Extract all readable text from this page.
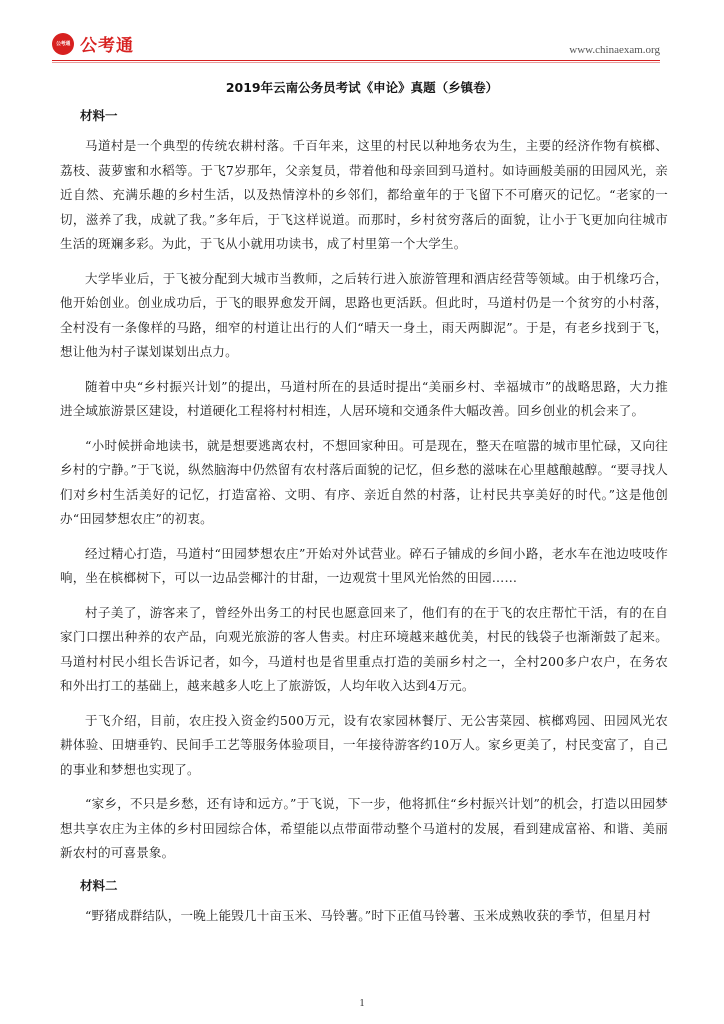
公考通 公考通	www.chinaexam.org
2019年云南公务员考试《申论》真题（乡镇卷）
材料一

马道村是一个典型的传统农耕村落。千百年来，这里的村民以种地务农为生，主要的经济作物有槟榔、荔枝、菠萝蜜和水稻等。于飞7岁那年，父亲复员，带着他和母亲回到马道村。如诗画般美丽的田园风光，亲近自然、充满乐趣的乡村生活，以及热情淳朴的乡邻们，都给童年的于飞留下不可磨灭的记忆。“老家的一切，滋养了我，成就了我。”多年后，于飞这样说道。而那时，乡村贫穷落后的面貌，让小于飞更加向往城市生活的斑斓多彩。为此，于飞从小就用功读书，成了村里第一个大学生。

大学毕业后，于飞被分配到大城市当教师，之后转行进入旅游管理和酒店经营等领域。由于机缘巧合，他开始创业。创业成功后，于飞的眼界愈发开阔，思路也更活跃。但此时，马道村仍是一个贫穷的小村落，全村没有一条像样的马路，细窄的村道让出行的人们“晴天一身土，雨天两脚泥”。于是，有老乡找到于飞，想让他为村子谋划谋划出点力。

随着中央“乡村振兴计划”的提出，马道村所在的县适时提出“美丽乡村、幸福城市”的战略思路，大力推进全域旅游景区建设，村道硬化工程将村村相连，人居环境和交通条件大幅改善。回乡创业的机会来了。

“小时候拼命地读书，就是想要逃离农村，不想回家种田。可是现在，整天在喧嚣的城市里忙碌，又向往乡村的宁静。”于飞说，纵然脑海中仍然留有农村落后面貌的记忆，但乡愁的滋味在心里越酿越醇。“要寻找人们对乡村生活美好的记忆，打造富裕、文明、有序、亲近自然的村落，让村民共享美好的时代。”这是他创办“田园梦想农庄”的初衷。

经过精心打造，马道村“田园梦想农庄”开始对外试营业。碎石子铺成的乡间小路，老水车在池边吱吱作响，坐在槟榔树下，可以一边品尝椰汁的甘甜，一边观赏十里风光怡然的田园……

村子美了，游客来了，曾经外出务工的村民也愿意回来了，他们有的在于飞的农庄帮忙干活，有的在自家门口摆出种养的农产品，向观光旅游的客人售卖。村庄环境越来越优美，村民的钱袋子也渐渐鼓了起来。马道村村民小组长告诉记者，如今，马道村也是省里重点打造的美丽乡村之一，全村200多户农户，在务农和外出打工的基础上，越来越多人吃上了旅游饭，人均年收入达到4万元。

于飞介绍，目前，农庄投入资金约500万元，设有农家园林餐厅、无公害菜园、槟榔鸡园、田园风光农耕体验、田塘垂钓、民间手工艺等服务体验项目，一年接待游客约10万人。家乡更美了，村民变富了，自己的事业和梦想也实现了。

“家乡，不只是乡愁，还有诗和远方。”于飞说，下一步，他将抓住“乡村振兴计划”的机会，打造以田园梦想共享农庄为主体的乡村田园综合体，希望能以点带面带动整个马道村的发展，看到建成富裕、和谐、美丽新农村的可喜景象。

材料二

“野猪成群结队，一晚上能毁几十亩玉米、马铃薯。”时下正值马铃薯、玉米成熟收获的季节，但星月村

1
